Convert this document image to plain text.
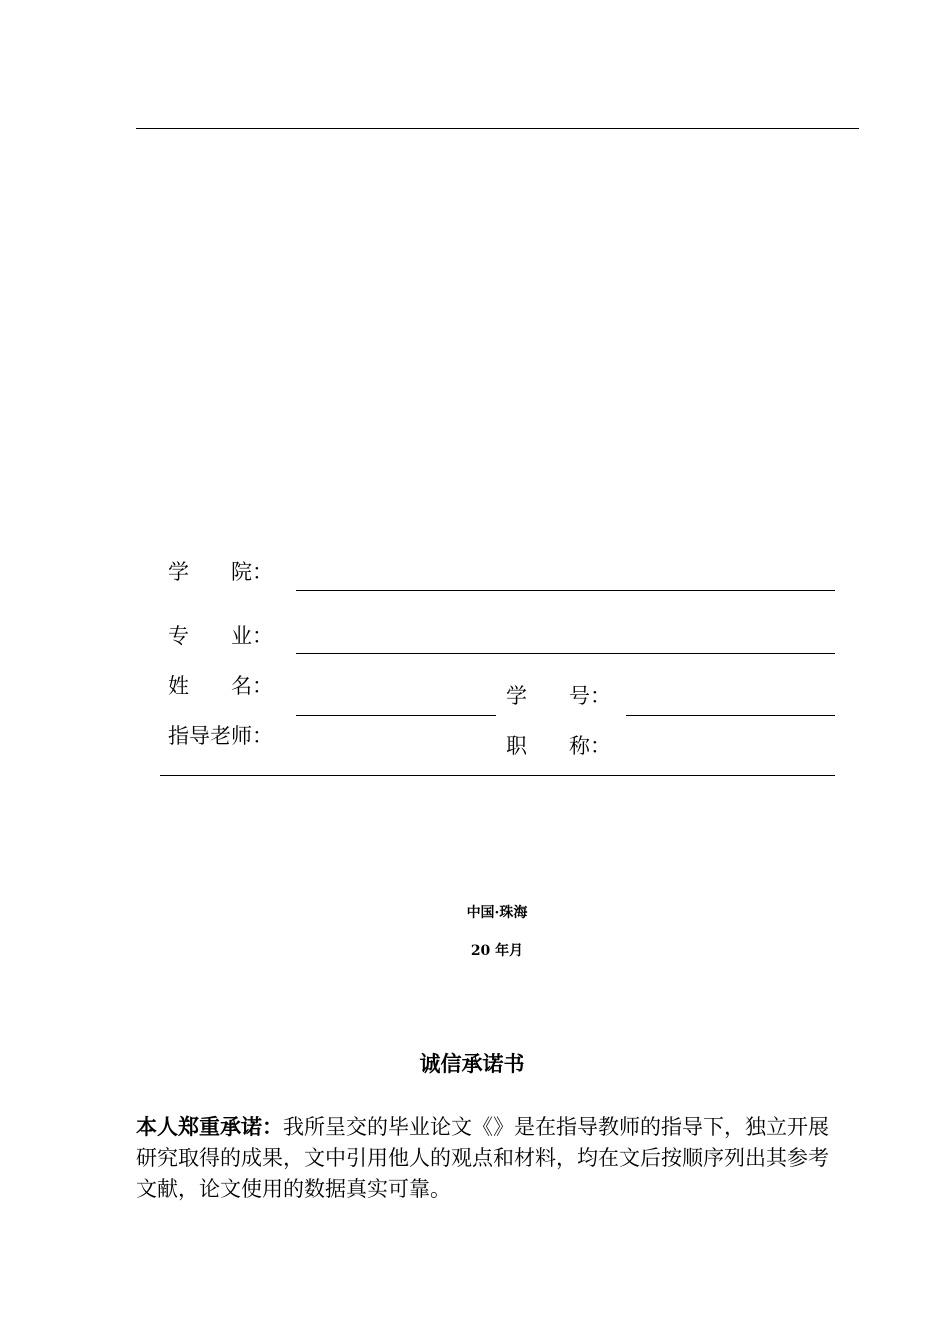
学　　院：
专　　业：
姓　　名：	学　　号：
指导老师：	职　　称：
中国·珠海
20 年月
诚信承诺书
本人郑重承诺：我所呈交的毕业论文《》是在指导教师的指导下，独立开展研究取得的成果，文中引用他人的观点和材料，均在文后按顺序列出其参考文献，论文使用的数据真实可靠。
